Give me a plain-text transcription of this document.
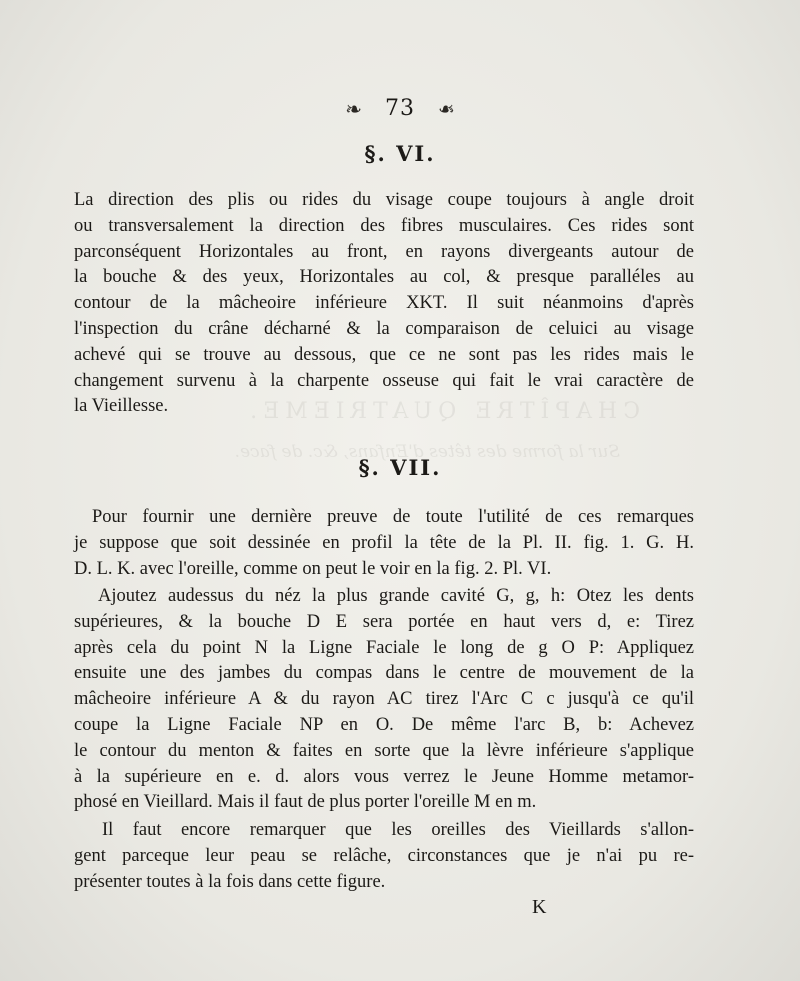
CHAPÎTRE QUATRIEME.
Sur la forme des têtes d'Enfans, &c. de face.
❧ 73 ❧
§. VI.
La direction des plis ou rides du visage coupe toujours à angle droit
ou transversalement la direction des fibres musculaires. Ces rides sont
parconséquent Horizontales au front, en rayons divergeants autour de
la bouche & des yeux, Horizontales au col, & presque paralléles au
contour de la mâcheoire inférieure XKT. Il suit néanmoins d'après
l'inspection du crâne décharné & la comparaison de celuici au visage
achevé qui se trouve au dessous, que ce ne sont pas les rides mais le
changement survenu à la charpente osseuse qui fait le vrai caractère de
la Vieillesse.
§. VII.
Pour fournir une dernière preuve de toute l'utilité de ces remarques
je suppose que soit dessinée en profil la tête de la Pl. II. fig. 1. G. H.
D. L. K. avec l'oreille, comme on peut le voir en la fig. 2. Pl. VI.
Ajoutez audessus du néz la plus grande cavité G, g, h: Otez les dents
supérieures, & la bouche D E sera portée en haut vers d, e: Tirez
après cela du point N la Ligne Faciale le long de g O P: Appliquez
ensuite une des jambes du compas dans le centre de mouvement de la
mâcheoire inférieure A & du rayon AC tirez l'Arc C c jusqu'à ce qu'il
coupe la Ligne Faciale NP en O. De même l'arc B, b: Achevez
le contour du menton & faites en sorte que la lèvre inférieure s'applique
à la supérieure en e. d. alors vous verrez le Jeune Homme metamor-
phosé en Vieillard. Mais il faut de plus porter l'oreille M en m.
Il faut encore remarquer que les oreilles des Vieillards s'allon-
gent parceque leur peau se relâche, circonstances que je n'ai pu re-
présenter toutes à la fois dans cette figure.
K
